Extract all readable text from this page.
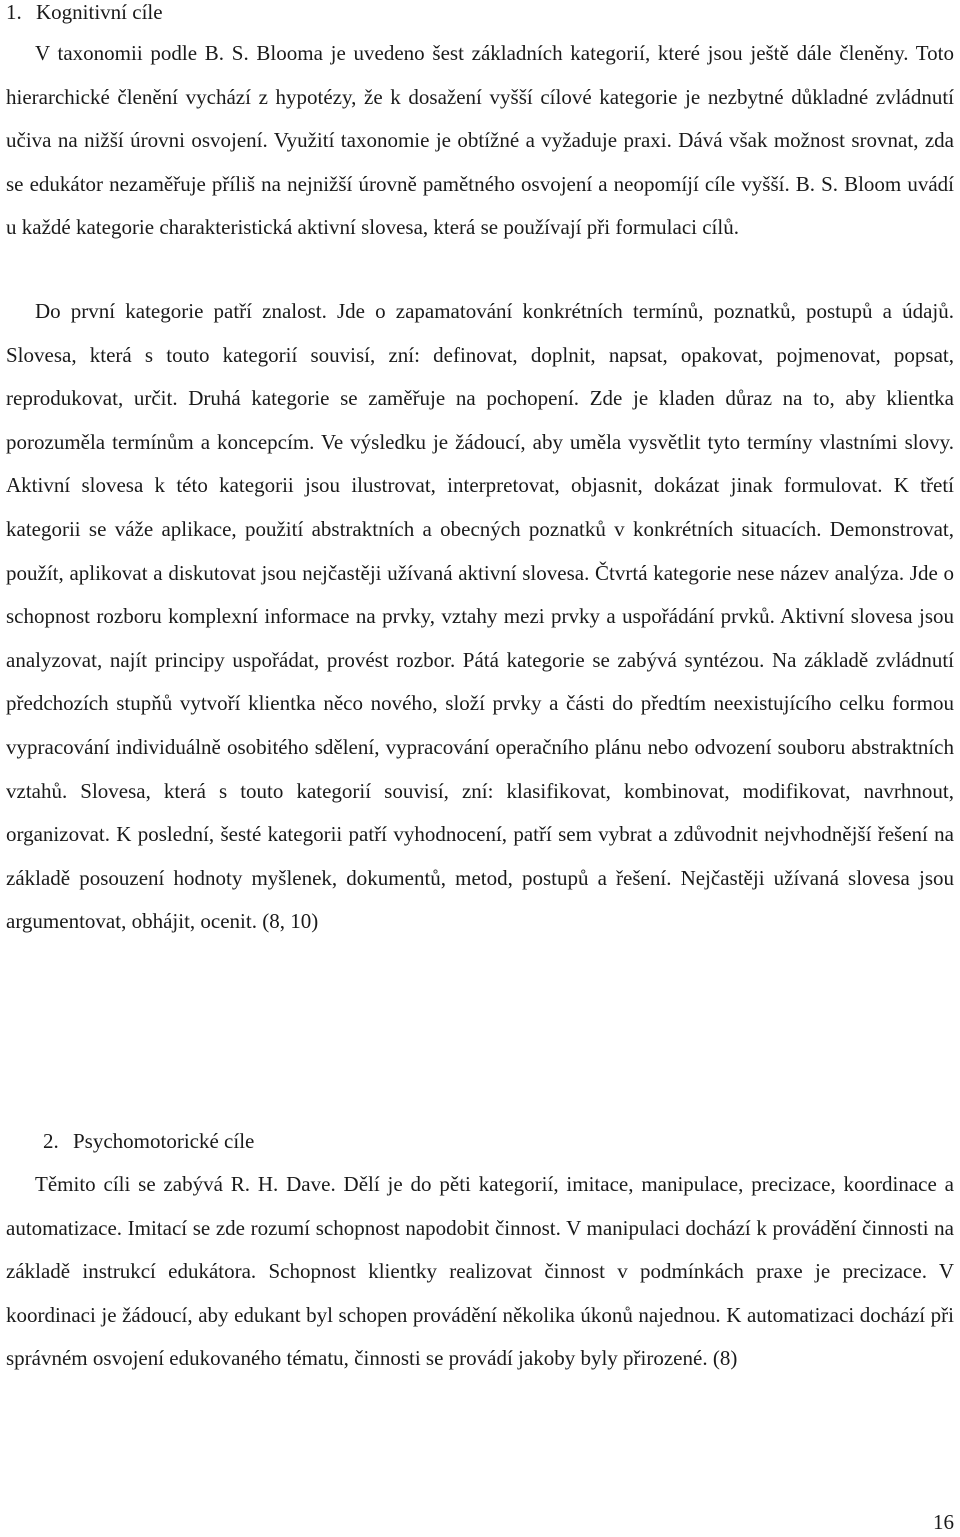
1. Kognitivní cíle

V taxonomii podle B. S. Blooma je uvedeno šest základních kategorií, které jsou ještě dále členěny. Toto hierarchické členění vychází z hypotézy, že k dosažení vyšší cílové kategorie je nezbytné důkladné zvládnutí učiva na nižší úrovni osvojení. Využití taxonomie je obtížné a vyžaduje praxi. Dává však možnost srovnat, zda se edukátor nezaměřuje příliš na nejnižší úrovně pamětného osvojení a neopomíjí cíle vyšší. B. S. Bloom uvádí u každé kategorie charakteristická aktivní slovesa, která se používají při formulaci cílů.

Do první kategorie patří znalost. Jde o zapamatování konkrétních termínů, poznatků, postupů a údajů. Slovesa, která s touto kategorií souvisí, zní: definovat, doplnit, napsat, opakovat, pojmenovat, popsat, reprodukovat, určit. Druhá kategorie se zaměřuje na pochopení. Zde je kladen důraz na to, aby klientka porozuměla termínům a koncepcím. Ve výsledku je žádoucí, aby uměla vysvětlit tyto termíny vlastními slovy. Aktivní slovesa k této kategorii jsou ilustrovat, interpretovat, objasnit, dokázat jinak formulovat. K třetí kategorii se váže aplikace, použití abstraktních a obecných poznatků v konkrétních situacích. Demonstrovat, použít, aplikovat a diskutovat jsou nejčastěji užívaná aktivní slovesa. Čtvrtá kategorie nese název analýza. Jde o schopnost rozboru komplexní informace na prvky, vztahy mezi prvky a uspořádání prvků. Aktivní slovesa jsou analyzovat, najít principy uspořádat, provést rozbor. Pátá kategorie se zabývá syntézou. Na základě zvládnutí předchozích stupňů vytvoří klientka něco nového, složí prvky a části do předtím neexistujícího celku formou vypracování individuálně osobitého sdělení, vypracování operačního plánu nebo odvození souboru abstraktních vztahů. Slovesa, která s touto kategorií souvisí, zní: klasifikovat, kombinovat, modifikovat, navrhnout, organizovat. K poslední, šesté kategorii patří vyhodnocení, patří sem vybrat a zdůvodnit nejvhodnější řešení na základě posouzení hodnoty myšlenek, dokumentů, metod, postupů a řešení. Nejčastěji užívaná slovesa jsou argumentovat, obhájit, ocenit. (8, 10)

2. Psychomotorické cíle

Těmito cíli se zabývá R. H. Dave. Dělí je do pěti kategorií, imitace, manipulace, precizace, koordinace a automatizace. Imitací se zde rozumí schopnost napodobit činnost. V manipulaci dochází k provádění činnosti na základě instrukcí edukátora. Schopnost klientky realizovat činnost v podmínkách praxe je precizace. V koordinaci je žádoucí, aby edukant byl schopen provádění několika úkonů najednou. K automatizaci dochází při správném osvojení edukovaného tématu, činnosti se provádí jakoby byly přirozené. (8)

16
